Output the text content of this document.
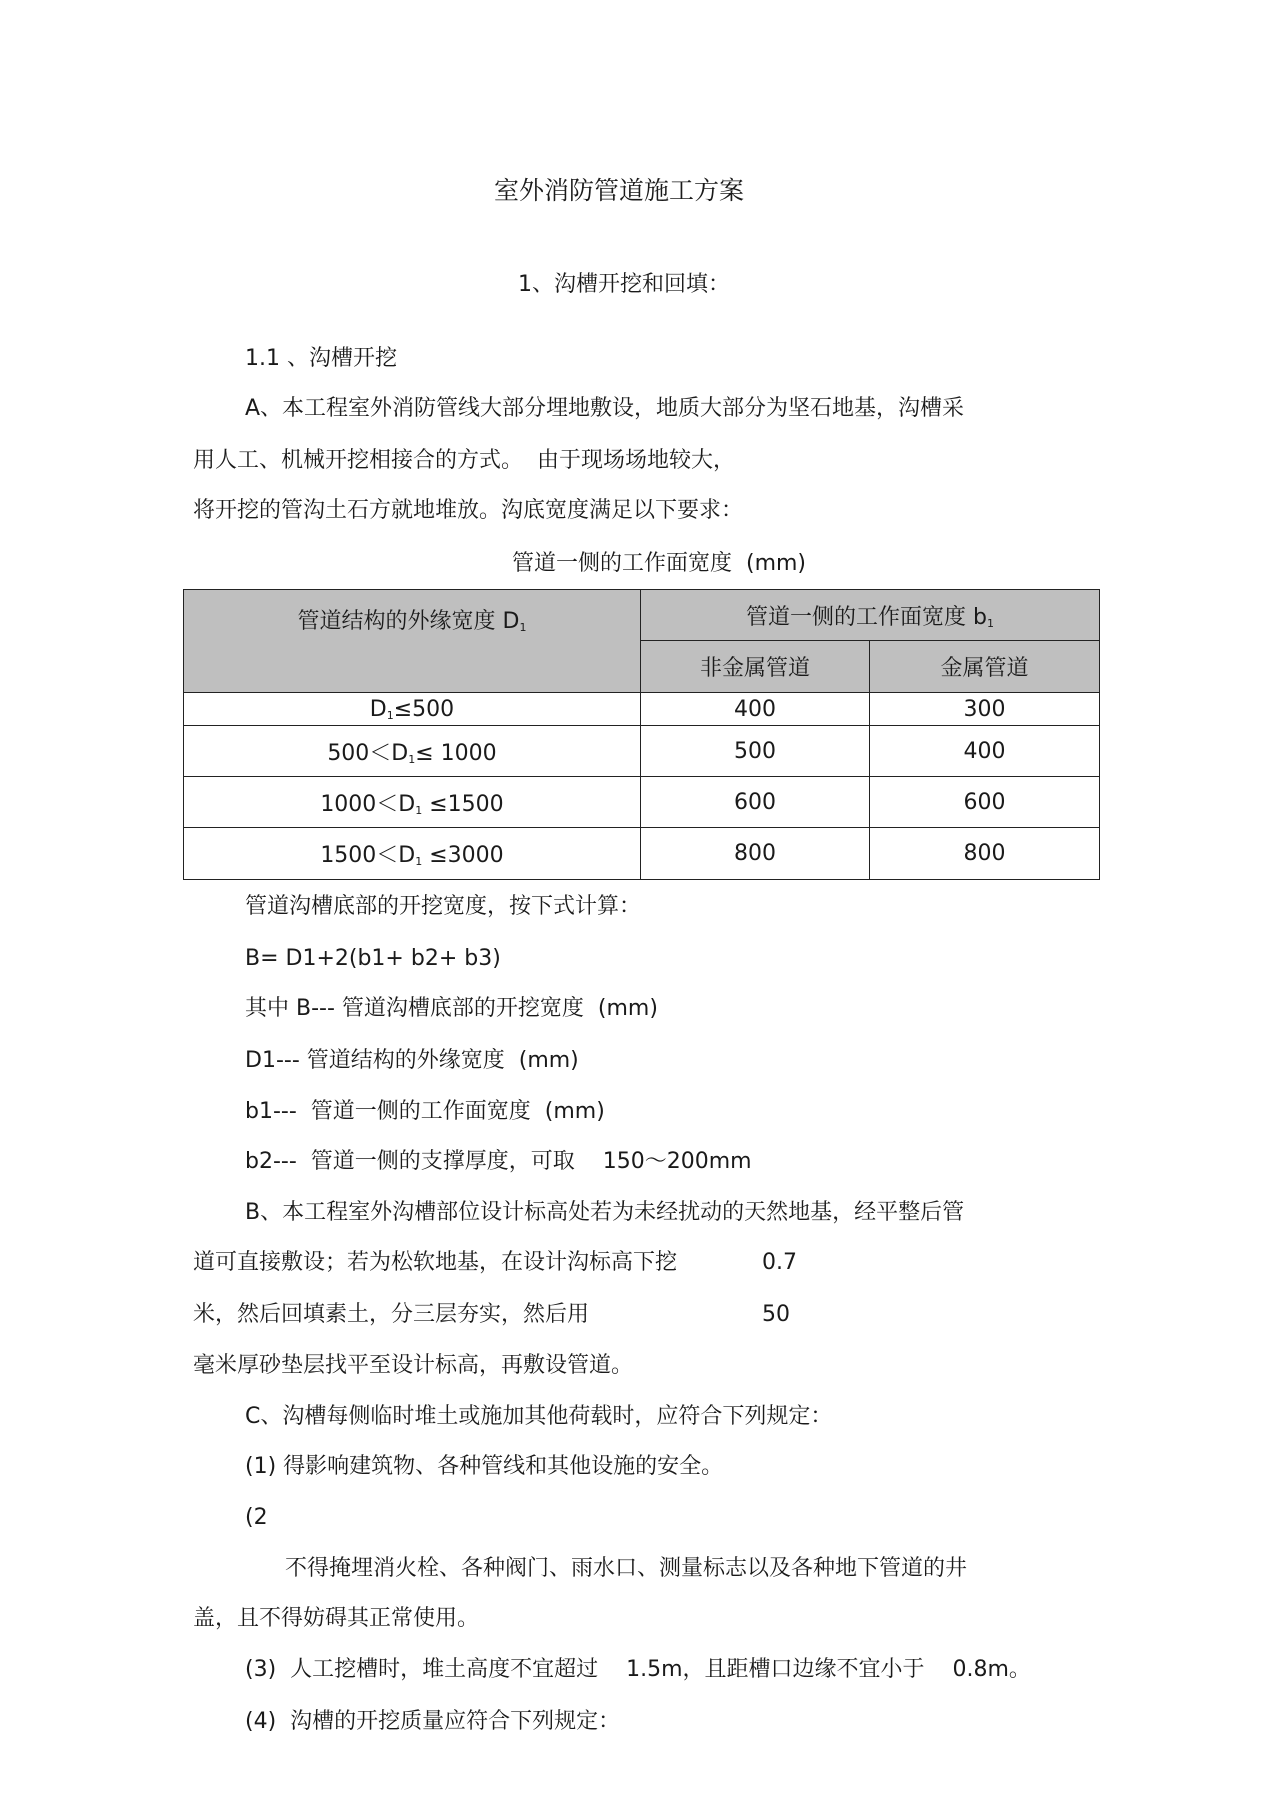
室外消防管道施工方案
1、沟槽开挖和回填：
1.1 、沟槽开挖
A、本工程室外消防管线大部分埋地敷设，地质大部分为坚石地基，沟槽采
用人工、机械开挖相接合的方式。  由于现场场地较大，
将开挖的管沟土石方就地堆放。沟底宽度满足以下要求：
管道一侧的工作面宽度  (mm)
管道结构的外缘宽度 $D_1$	管道一侧的工作面宽度 $b_1$
	非金属管道	金属管道
$D_1\le 500$	400	300
$500<D_1\le 1000$	500	400
$1000<D_1 \le 1500$	600	600
$1500<D_1 \le 3000$	800	800
管道沟槽底部的开挖宽度，按下式计算：
B= D1+2(b1+ b2+ b3)
其中 B--- 管道沟槽底部的开挖宽度  (mm)
D1--- 管道结构的外缘宽度  (mm)
b1---  管道一侧的工作面宽度  (mm)
b2---  管道一侧的支撑厚度，可取    150～200mm
B、本工程室外沟槽部位设计标高处若为未经扰动的天然地基，经平整后管
道可直接敷设；若为松软地基，在设计沟标高下挖	0.7
米，然后回填素土，分三层夯实，然后用	50
毫米厚砂垫层找平至设计标高，再敷设管道。
C、沟槽每侧临时堆土或施加其他荷载时，应符合下列规定：
(1) 得影响建筑物、各种管线和其他设施的安全。
(2
不得掩埋消火栓、各种阀门、雨水口、测量标志以及各种地下管道的井
盖，且不得妨碍其正常使用。
(3)  人工挖槽时，堆土高度不宜超过    1.5m，且距槽口边缘不宜小于    0.8m。
(4)  沟槽的开挖质量应符合下列规定：
